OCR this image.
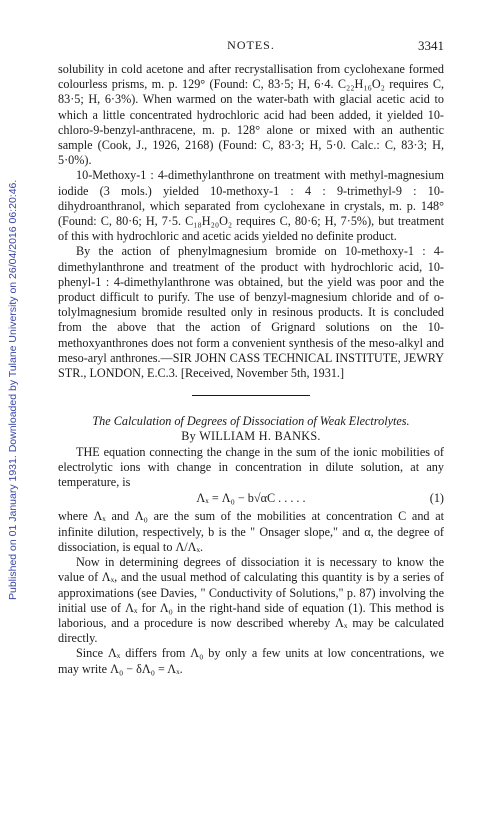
Published on 01 January 1931. Downloaded by Tulane University on 26/04/2016 06:20:46.
NOTES.	3341

solubility in cold acetone and after recrystallisation from cyclohexane formed colourless prisms, m. p. 129° (Found: C, 83·5; H, 6·4. C₂₂H₁₆O₂ requires C, 83·5; H, 6·3%). When warmed on the water-bath with glacial acetic acid to which a little concentrated hydrochloric acid had been added, it yielded 10-chloro-9-benzyl-anthracene, m. p. 128° alone or mixed with an authentic sample (Cook, J., 1926, 2168) (Found: C, 83·3; H, 5·0. Calc.: C, 83·3; H, 5·0%).

10-Methoxy-1 : 4-dimethylanthrone on treatment with methyl-magnesium iodide (3 mols.) yielded 10-methoxy-1 : 4 : 9-trimethyl-9 : 10-dihydroanthranol, which separated from cyclohexane in crystals, m. p. 148° (Found: C, 80·6; H, 7·5. C₁₈H₂₀O₂ requires C, 80·6; H, 7·5%), but treatment of this with hydrochloric and acetic acids yielded no definite product.

By the action of phenylmagnesium bromide on 10-methoxy-1 : 4-dimethylanthrone and treatment of the product with hydrochloric acid, 10-phenyl-1 : 4-dimethylanthrone was obtained, but the yield was poor and the product difficult to purify. The use of benzyl-magnesium chloride and of o-tolylmagnesium bromide resulted only in resinous products. It is concluded from the above that the action of Grignard solutions on the 10-methoxyanthrones does not form a convenient synthesis of the meso-alkyl and meso-aryl anthrones.—SIR JOHN CASS TECHNICAL INSTITUTE, JEWRY STR., LONDON, E.C.3. [Received, November 5th, 1931.]

The Calculation of Degrees of Dissociation of Weak Electrolytes.

By WILLIAM H. BANKS.

THE equation connecting the change in the sum of the ionic mobilities of electrolytic ions with change in concentration in dilute solution, at any temperature, is

Λₓ = Λ₀ − b√αC . . . . .	(1)

where Λₓ and Λ₀ are the sum of the mobilities at concentration C and at infinite dilution, respectively, b is the " Onsager slope," and α, the degree of dissociation, is equal to Λ/Λₓ.

Now in determining degrees of dissociation it is necessary to know the value of Λₓ, and the usual method of calculating this quantity is by a series of approximations (see Davies, " Conductivity of Solutions," p. 87) involving the initial use of Λₓ for Λ₀ in the right-hand side of equation (1). This method is laborious, and a procedure is now described whereby Λₓ may be calculated directly.

Since Λₓ differs from Λ₀ by only a few units at low concentrations, we may write Λ₀ − δΛ₀ = Λₓ.
